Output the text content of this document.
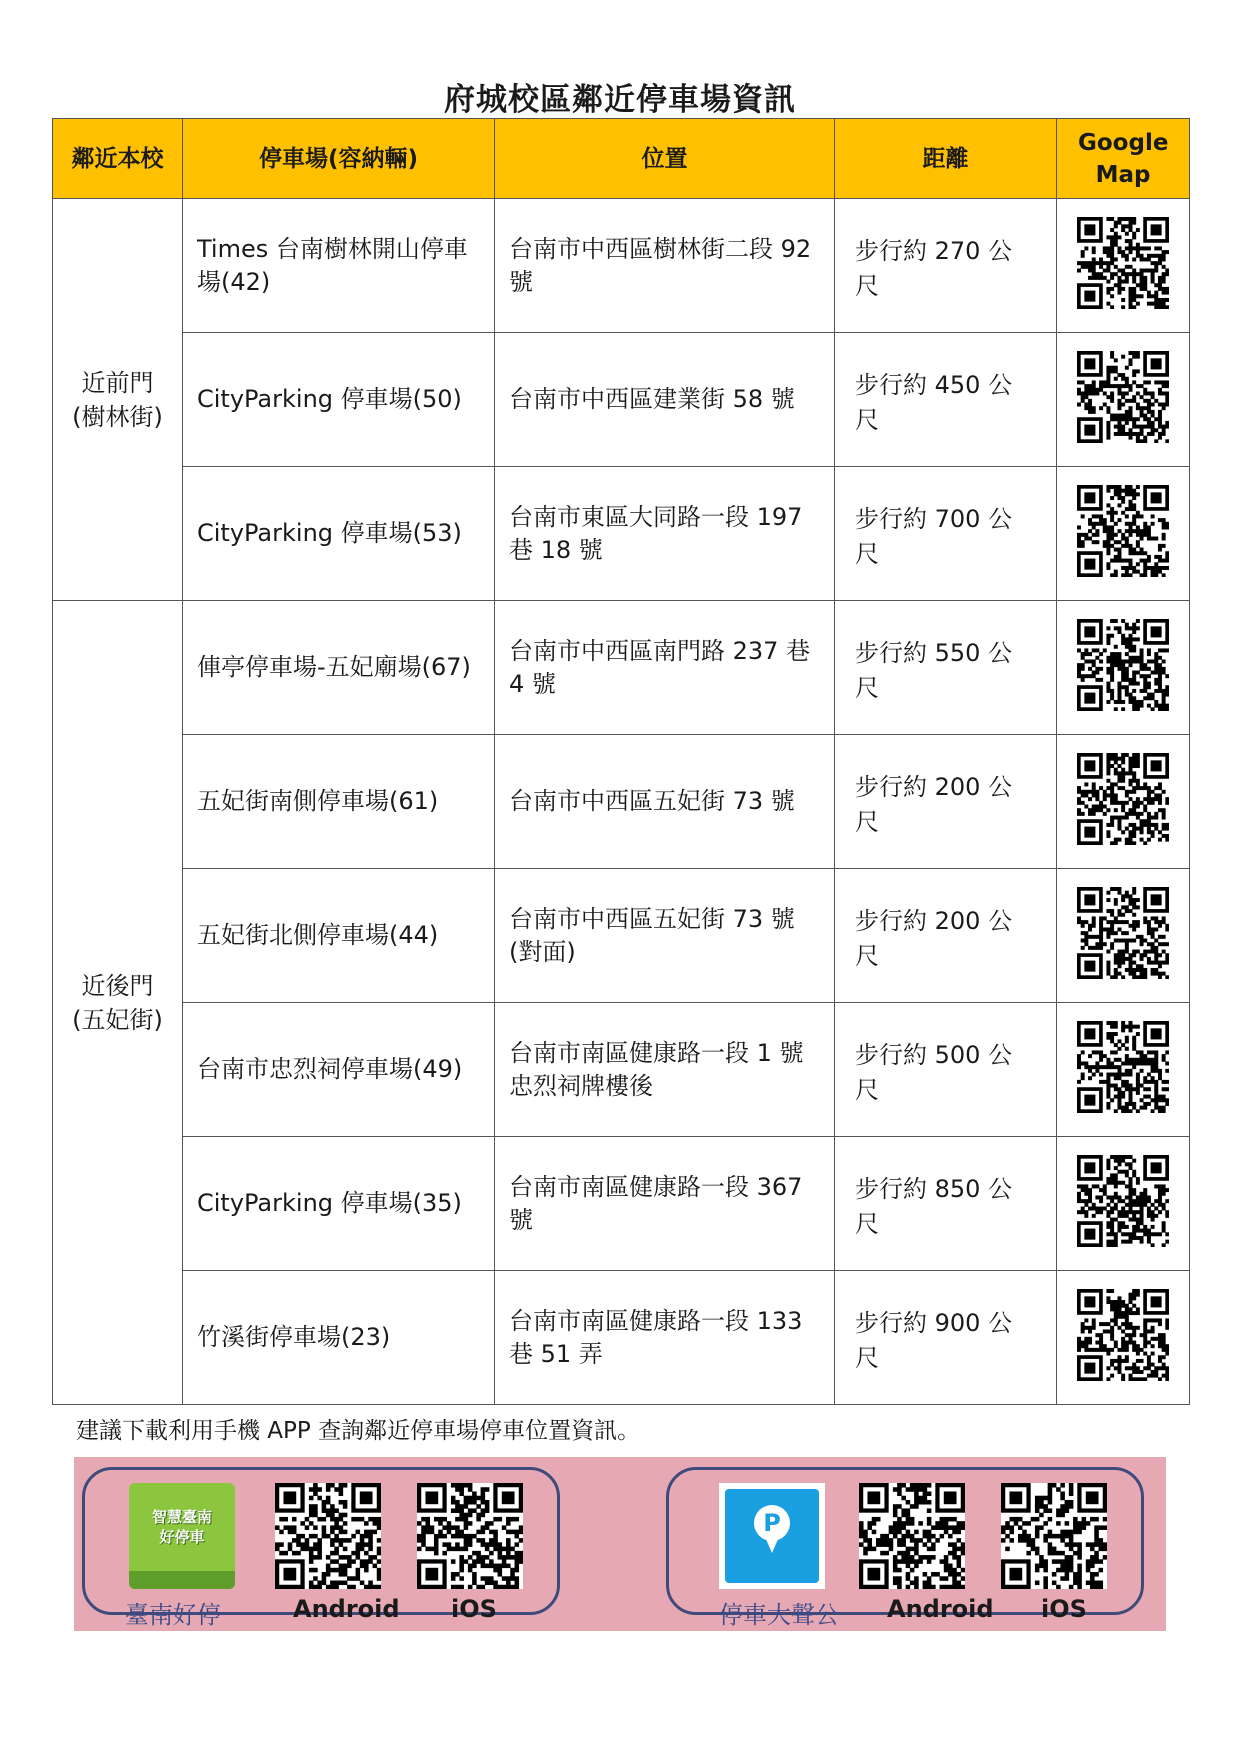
府城校區鄰近停車場資訊
鄰近本校	停車場(容納輛)	位置	距離	Google Map

近前門
(樹林街)	Times 台南樹林開山停車場(42)	台南市中西區樹林街二段 92 號	步行約 270 公尺	
	CityParking 停車場(50)	台南市中西區建業街 58 號	步行約 450 公尺	
	CityParking 停車場(53)	台南市東區大同路一段 197 巷 18 號	步行約 700 公尺	
近後門
(五妃街)	俥亭停車場-五妃廟場(67)	台南市中西區南門路 237 巷 4 號	步行約 550 公尺	
	五妃街南側停車場(61)	台南市中西區五妃街 73 號	步行約 200 公尺	
	五妃街北側停車場(44)	台南市中西區五妃街 73 號 (對面)	步行約 200 公尺	
	台南市忠烈祠停車場(49)	台南市南區健康路一段 1 號 忠烈祠牌樓後	步行約 500 公尺	
	CityParking 停車場(35)	台南市南區健康路一段 367 號	步行約 850 公尺	
	竹溪街停車場(23)	台南市南區健康路一段 133 巷 51 弄	步行約 900 公尺	
建議下載利用手機 APP 查詢鄰近停車場停車位置資訊。
智慧臺南
好停車
臺南好停	Android iOS
P
停車大聲公 Android iOS
